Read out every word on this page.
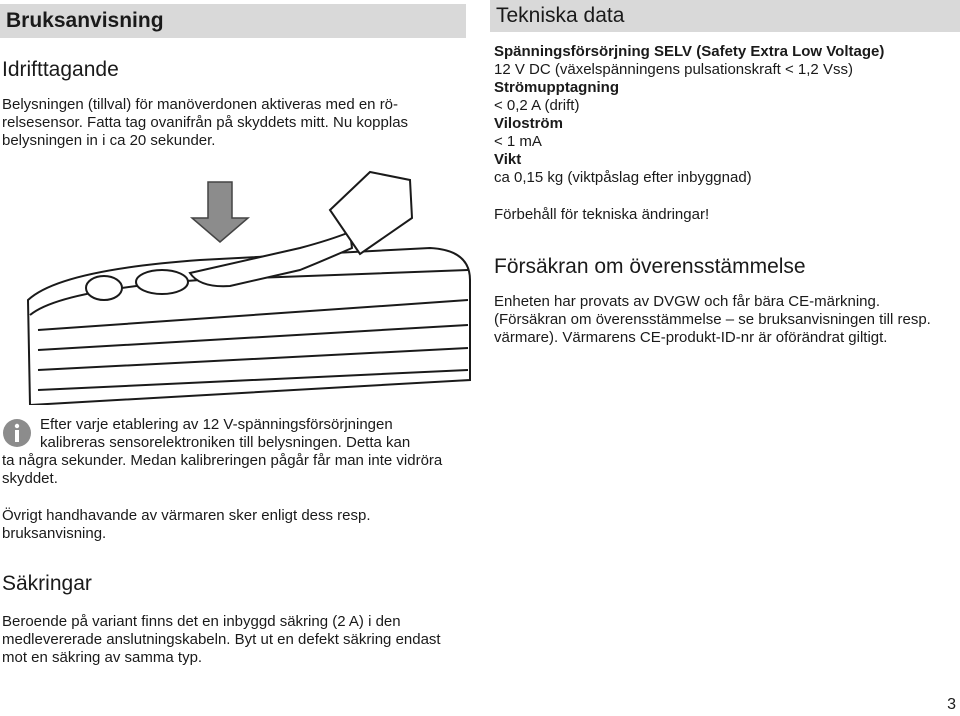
Bruksanvisning	Tekniska data
Idrifttagande
Belysningen (tillval) för manöverdonen aktiveras med en rö- relsesensor. Fatta tag ovanifrån på skyddets mitt. Nu kopplas belysningen in i ca 20 sekunder.
Spänningsförsörjning SELV (Safety Extra Low Voltage)
12 V DC (växelspänningens pulsationskraft < 1,2 Vss)
Strömupptagning
< 0,2 A (drift)
Viloström
< 1 mA
Vikt
ca 0,15 kg (viktpåslag efter inbyggnad)
Förbehåll för tekniska ändringar!
Försäkran om överensstämmelse
Enheten har provats av DVGW och får bära CE-märkning. (Försäkran om överensstämmelse – se bruksanvisningen till resp. värmare). Värmarens CE-produkt-ID-nr är oförändrat giltigt.
Efter varje etablering av 12 V-spänningsförsörjningen
kalibreras sensorelektroniken till belysningen. Detta kan
ta några sekunder. Medan kalibreringen pågår får man inte vidröra skyddet.
Övrigt handhavande av värmaren sker enligt dess resp. bruksanvisning.
Säkringar
Beroende på variant finns det en inbyggd säkring (2 A) i den medlevererade anslutningskabeln. Byt ut en defekt säkring endast mot en säkring av samma typ.
3
